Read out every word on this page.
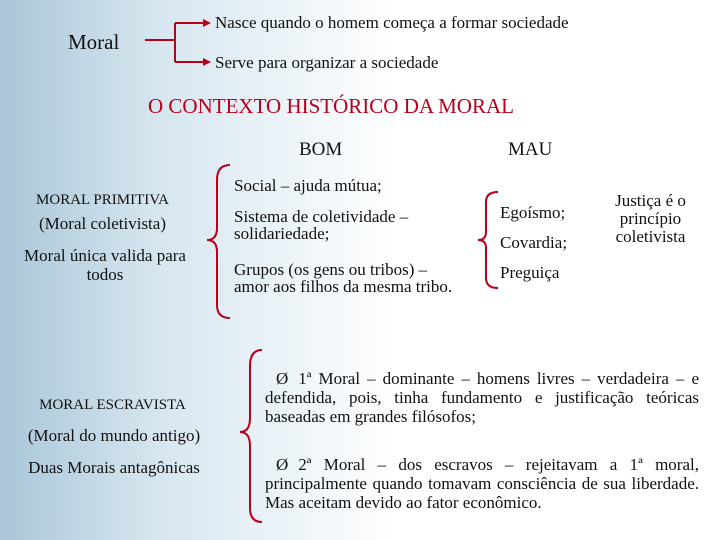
Moral
Nasce quando o homem começa a formar sociedade
Serve para organizar a sociedade
O CONTEXTO HISTÓRICO DA MORAL
BOM	MAU
MORAL PRIMITIVA
(Moral coletivista)
Moral única valida para todos
Social – ajuda mútua;
Sistema de coletividade – solidariedade;
Grupos (os gens ou tribos) – amor aos filhos da mesma tribo.
Egoísmo;
Covardia;
Preguiça
Justiça é o princípio coletivista
MORAL ESCRAVISTA
(Moral do mundo antigo)
Duas Morais antagônicas
Ø 1ª Moral – dominante – homens livres – verdadeira – e defendida, pois, tinha fundamento e justificação teóricas baseadas em grandes filósofos;
Ø 2ª Moral – dos escravos – rejeitavam a 1ª moral, principalmente quando tomavam consciência de sua liberdade. Mas aceitam devido ao fator econômico.
